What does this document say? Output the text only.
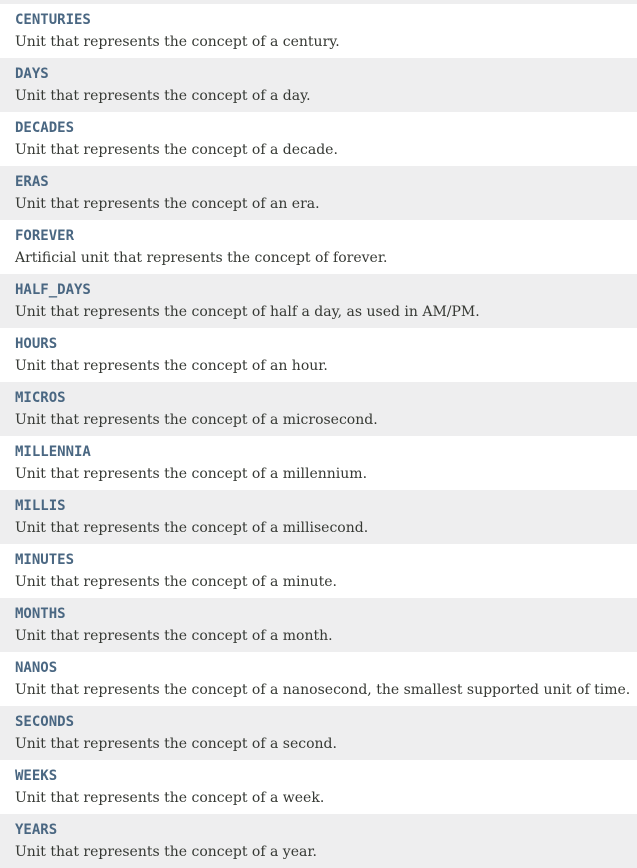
CENTURIES
Unit that represents the concept of a century.
DAYS
Unit that represents the concept of a day.
DECADES
Unit that represents the concept of a decade.
ERAS
Unit that represents the concept of an era.
FOREVER
Artificial unit that represents the concept of forever.
HALF_DAYS
Unit that represents the concept of half a day, as used in AM/PM.
HOURS
Unit that represents the concept of an hour.
MICROS
Unit that represents the concept of a microsecond.
MILLENNIA
Unit that represents the concept of a millennium.
MILLIS
Unit that represents the concept of a millisecond.
MINUTES
Unit that represents the concept of a minute.
MONTHS
Unit that represents the concept of a month.
NANOS
Unit that represents the concept of a nanosecond, the smallest supported unit of time.
SECONDS
Unit that represents the concept of a second.
WEEKS
Unit that represents the concept of a week.
YEARS
Unit that represents the concept of a year.
